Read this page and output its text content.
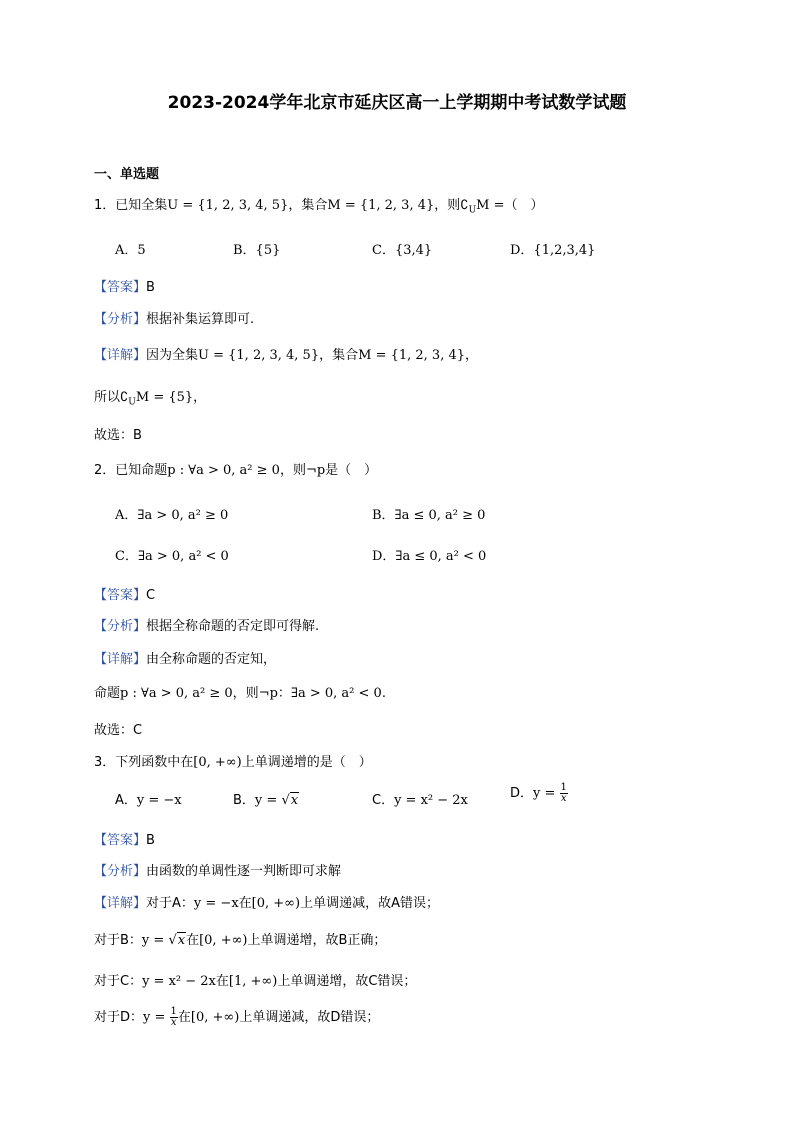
2023-2024学年北京市延庆区高一上学期期中考试数学试题
一、单选题
1．已知全集U = {1, 2, 3, 4, 5}，集合M = {1, 2, 3, 4}，则$∁_UM$ =（　）
A．5	B．{5}	C．{3,4}	D．{1,2,3,4}
【答案】B
【分析】根据补集运算即可.
【详解】因为全集U = {1, 2, 3, 4, 5}，集合M = {1, 2, 3, 4}，
所以$∁_UM = \{5\}$，
故选：B
2．已知命题p : ∀a > 0, a² ≥ 0，则¬p是（　）
A．∃a > 0, a² ≥ 0	B．∃a ≤ 0, a² ≥ 0
C．∃a > 0, a² < 0	D．∃a ≤ 0, a² < 0
【答案】C
【分析】根据全称命题的否定即可得解.
【详解】由全称命题的否定知，
命题p : ∀a > 0, a² ≥ 0，则¬p：∃a > 0, a² < 0.
故选：C
3．下列函数中在[0, +∞)上单调递增的是（　）
A．y = −x	B．y = √x	C．y = x² − 2x	D．$y = \frac{1}{x}$
【答案】B
【分析】由函数的单调性逐一判断即可求解
【详解】对于A：y = −x在[0, +∞)上单调递减，故A错误；
对于B：y = √x在[0, +∞)上单调递增，故B正确；
对于C：y = x² − 2x在[1, +∞)上单调递增，故C错误；
对于D：$y = \frac{1}{x}$ 在[0, +∞)上单调递减，故D错误；
